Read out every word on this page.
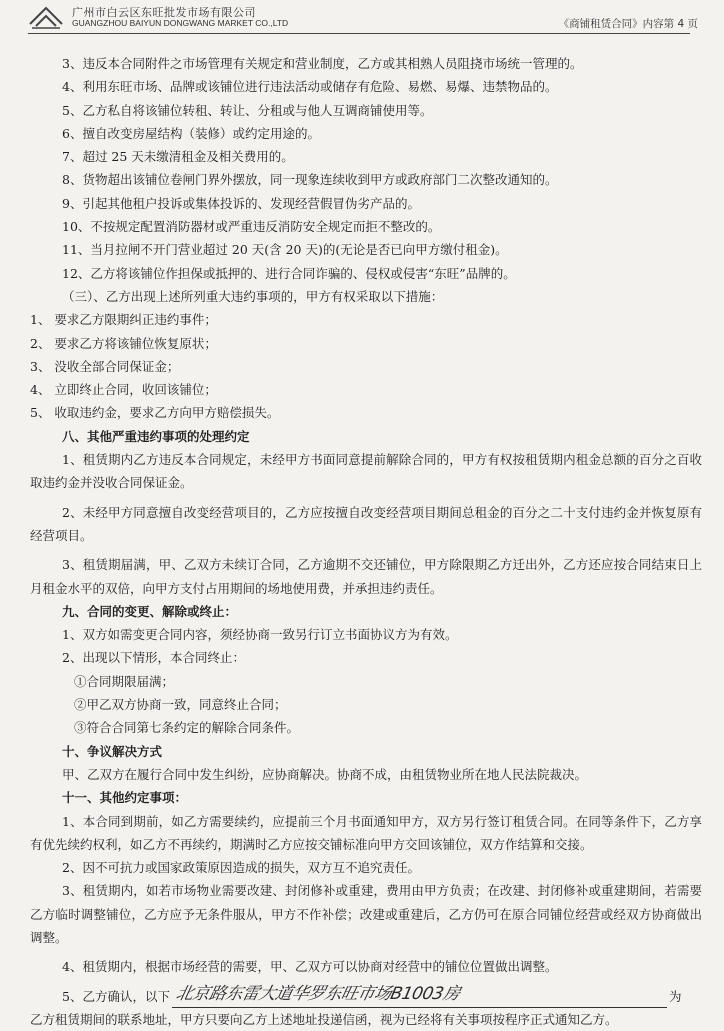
广州市白云区东旺批发市场有限公司
GUANGZHOU BAIYUN DONGWANG MARKET CO.,LTD	《商铺租赁合同》内容第 4 页

3、违反本合同附件之市场管理有关规定和营业制度，乙方或其相熟人员阻挠市场统一管理的。

4、利用东旺市场、品牌或该铺位进行违法活动或储存有危险、易燃、易爆、违禁物品的。

5、乙方私自将该铺位转租、转让、分租或与他人互调商铺使用等。

6、擅自改变房屋结构（装修）或约定用途的。

7、超过 25 天未缴清租金及相关费用的。

8、货物超出该铺位卷闸门界外摆放，同一现象连续收到甲方或政府部门二次整改通知的。

9、引起其他租户投诉或集体投诉的、发现经营假冒伪劣产品的。

10、不按规定配置消防器材或严重违反消防安全规定而拒不整改的。

11、当月拉闸不开门营业超过 20 天(含 20 天)的(无论是否已向甲方缴付租金)。

12、乙方将该铺位作担保或抵押的、进行合同诈骗的、侵权或侵害“东旺”品牌的。

（三）、乙方出现上述所列重大违约事项的，甲方有权采取以下措施：

1、 要求乙方限期纠正违约事件；

2、 要求乙方将该铺位恢复原状；

3、 没收全部合同保证金；

4、 立即终止合同，收回该铺位；

5、 收取违约金，要求乙方向甲方赔偿损失。

八、其他严重违约事项的处理约定

1、租赁期内乙方违反本合同规定，未经甲方书面同意提前解除合同的，甲方有权按租赁期内租金总额的百分之百收取违约金并没收合同保证金。

2、未经甲方同意擅自改变经营项目的，乙方应按擅自改变经营项目期间总租金的百分之二十支付违约金并恢复原有经营项目。

3、租赁期届满，甲、乙双方未续订合同，乙方逾期不交还铺位，甲方除限期乙方迁出外，乙方还应按合同结束日上月租金水平的双倍，向甲方支付占用期间的场地使用费，并承担违约责任。

九、合同的变更、解除或终止：

1、双方如需变更合同内容，须经协商一致另行订立书面协议方为有效。

2、出现以下情形，本合同终止：

①合同期限届满；

②甲乙双方协商一致，同意终止合同；

③符合合同第七条约定的解除合同条件。

十、争议解决方式

甲、乙双方在履行合同中发生纠纷，应协商解决。协商不成，由租赁物业所在地人民法院裁决。

十一、其他约定事项：

1、本合同到期前，如乙方需要续约，应提前三个月书面通知甲方，双方另行签订租赁合同。在同等条件下，乙方享有优先续约权利，如乙方不再续约，期满时乙方应按交铺标准向甲方交回该铺位，双方作结算和交接。

2、因不可抗力或国家政策原因造成的损失，双方互不追究责任。

3、租赁期内，如若市场物业需要改建、封闭修补或重建，费用由甲方负责；在改建、封闭修补或重建期间，若需要乙方临时调整铺位，乙方应予无条件服从，甲方不作补偿；改建或重建后，乙方仍可在原合同铺位经营或经双方协商做出调整。

4、租赁期内，根据市场经营的需要，甲、乙双方可以协商对经营中的铺位位置做出调整。

5、乙方确认，以下 北京路东雷大道华罗东旺市场B1003房	为

乙方租赁期间的联系地址，甲方只要向乙方上述地址投递信函，视为已经将有关事项按程序正式通知乙方。
